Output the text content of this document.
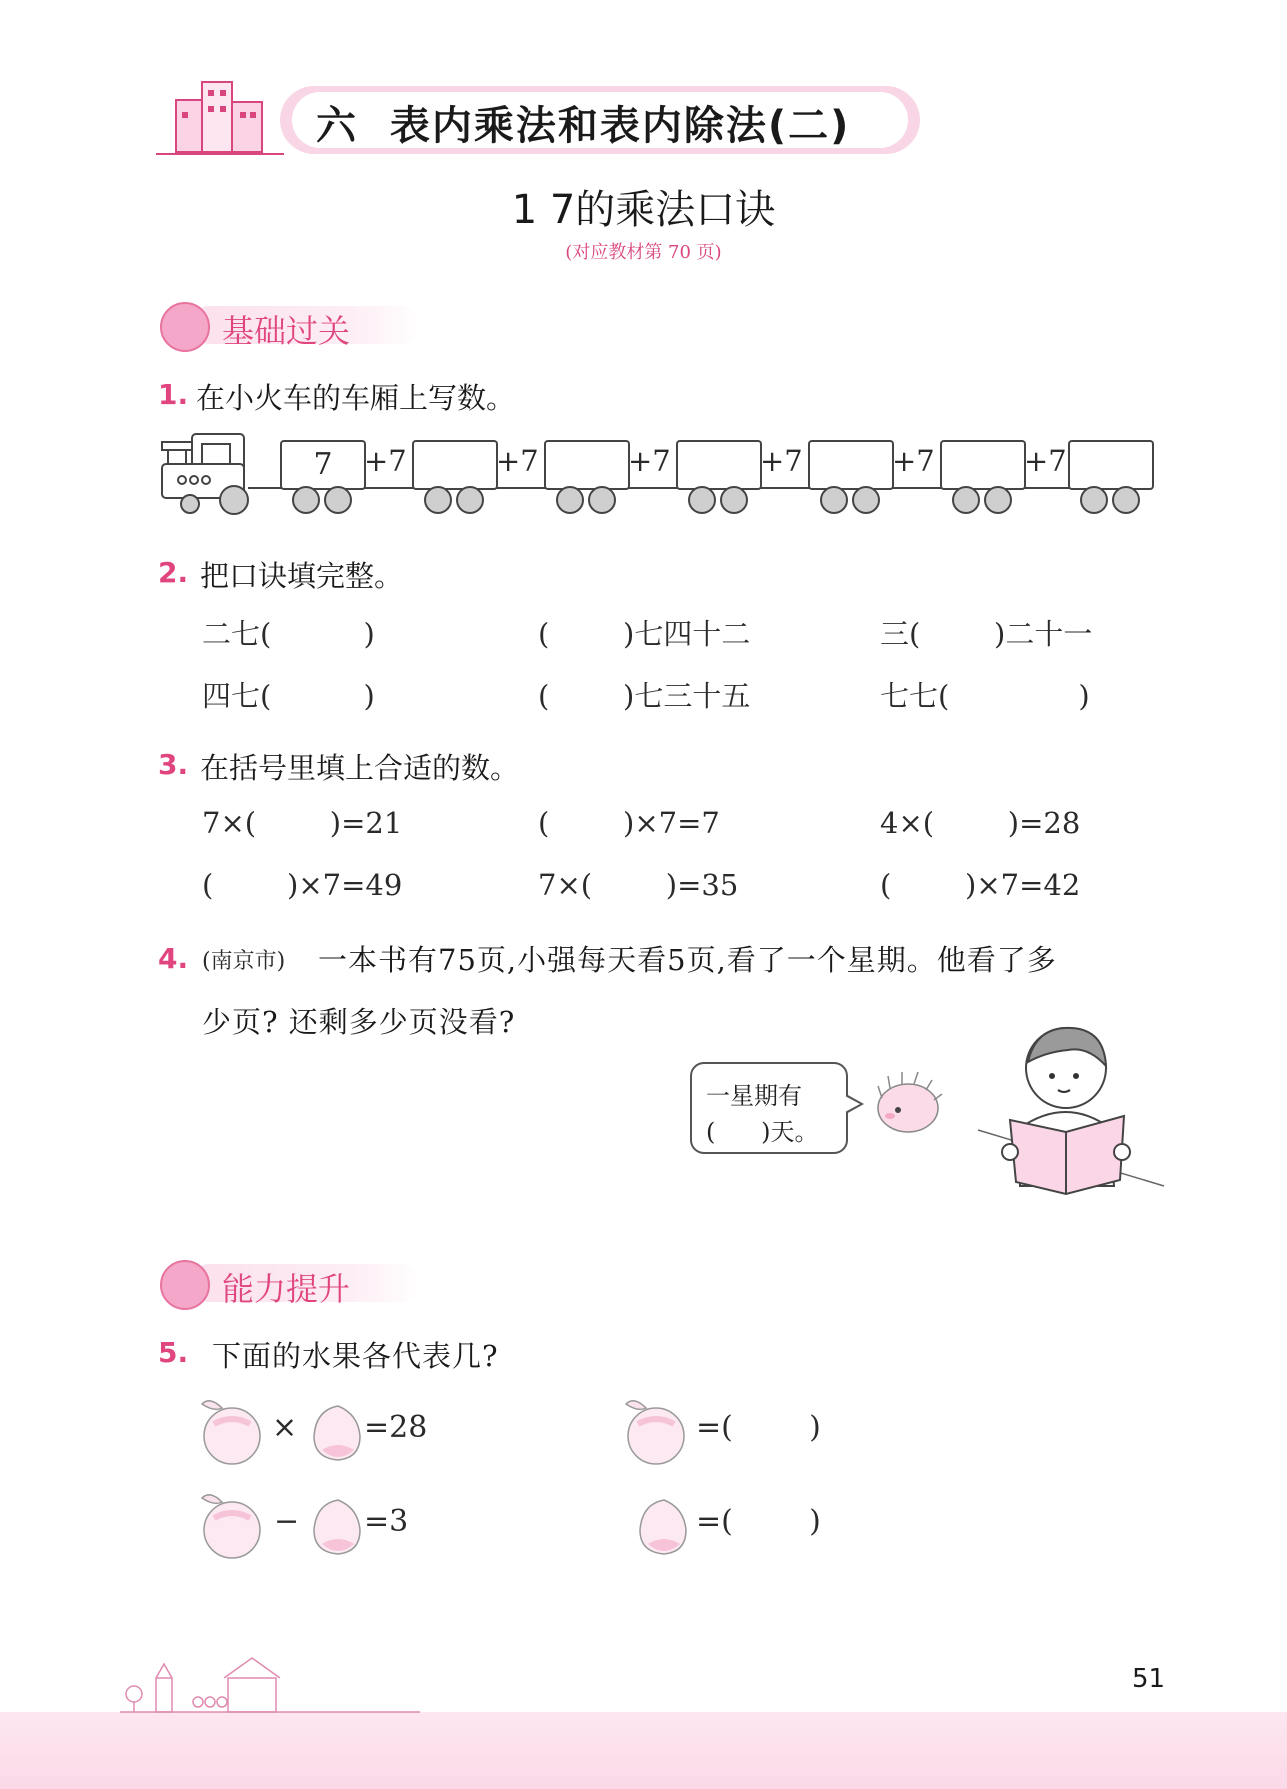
六  表内乘法和表内除法(二)
1 7的乘法口诀
(对应教材第 70 页)
基础过关
1. 在小火车的车厢上写数。
7	+7	+7	+7	+7	+7	+7
2. 把口诀填完整。
二七(          )	(        )七四十二	三(        )二十一
四七(          )	(        )七三十五	七七(              )
3. 在括号里填上合适的数。
7×(        )=21	(        )×7=7	4×(        )=28
(        )×7=49	7×(        )=35	(        )×7=42
4. (南京市) 一本书有75页,小强每天看5页,看了一个星期。他看了多
少页? 还剩多少页没看?
一星期有
(      )天。
能力提升
5. 下面的水果各代表几?
× =28	=(        )
− =3	=(        )
51
